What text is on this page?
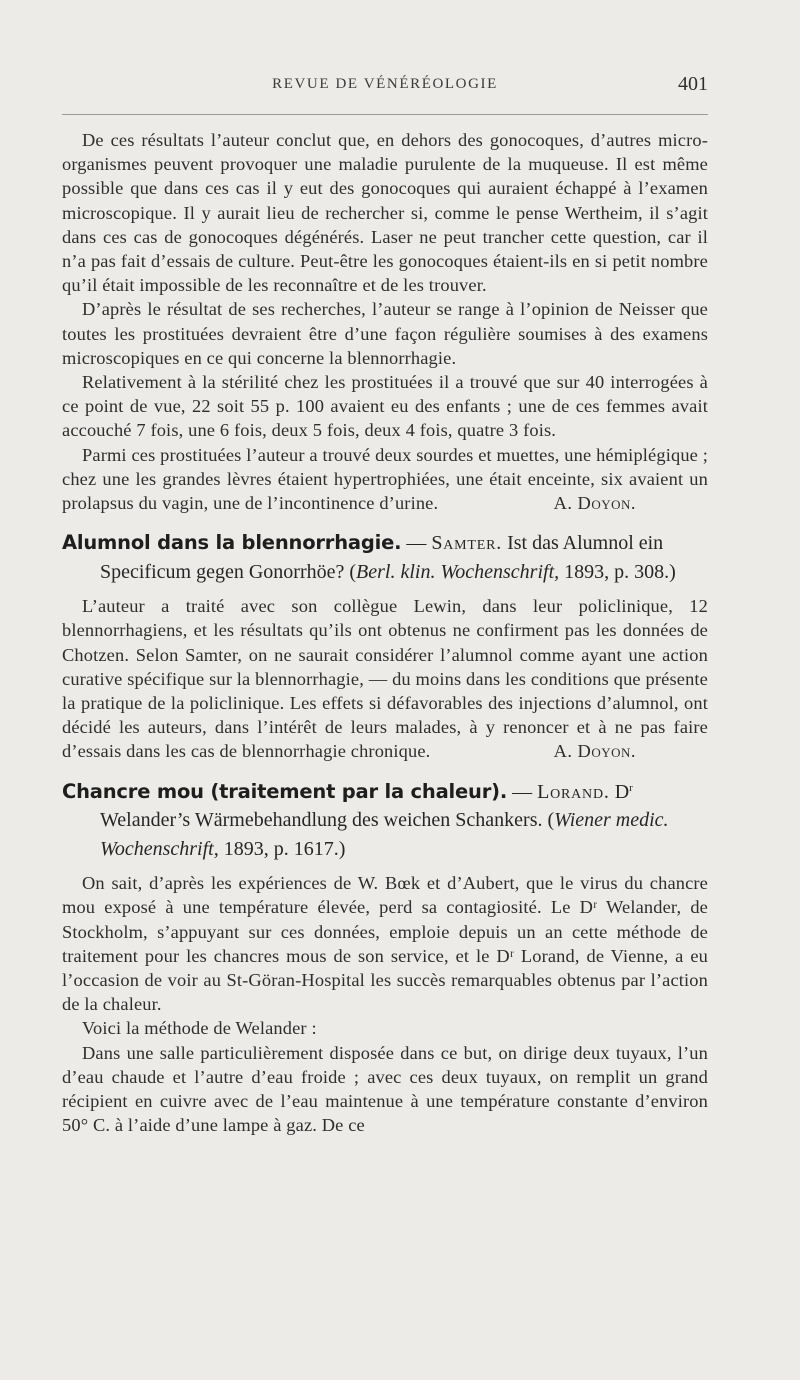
REVUE DE VÉNÉRÉOLOGIE	401

De ces résultats l’auteur conclut que, en dehors des gonocoques, d’autres micro-organismes peuvent provoquer une maladie purulente de la muqueuse. Il est même possible que dans ces cas il y eut des gonocoques qui auraient échappé à l’examen microscopique. Il y aurait lieu de rechercher si, comme le pense Wertheim, il s’agit dans ces cas de gonocoques dégénérés. Laser ne peut trancher cette question, car il n’a pas fait d’essais de culture. Peut-être les gonocoques étaient-ils en si petit nombre qu’il était impossible de les reconnaître et de les trouver.

D’après le résultat de ses recherches, l’auteur se range à l’opinion de Neisser que toutes les prostituées devraient être d’une façon régulière soumises à des examens microscopiques en ce qui concerne la blennorrhagie.

Relativement à la stérilité chez les prostituées il a trouvé que sur 40 interrogées à ce point de vue, 22 soit 55 p. 100 avaient eu des enfants ; une de ces femmes avait accouché 7 fois, une 6 fois, deux 5 fois, deux 4 fois, quatre 3 fois.

Parmi ces prostituées l’auteur a trouvé deux sourdes et muettes, une hémiplégique ; chez une les grandes lèvres étaient hypertrophiées, une était enceinte, six avaient un prolapsus du vagin, une de l’incontinence d’urine.	A. Doyon.

Alumnol dans la blennorrhagie. — Samter. Ist das Alumnol ein Specificum gegen Gonorrhöe? (Berl. klin. Wochenschrift, 1893, p. 308.)

L’auteur a traité avec son collègue Lewin, dans leur policlinique, 12 blennorrhagiens, et les résultats qu’ils ont obtenus ne confirment pas les données de Chotzen. Selon Samter, on ne saurait considérer l’alumnol comme ayant une action curative spécifique sur la blennorrhagie, — du moins dans les conditions que présente la pratique de la policlinique. Les effets si défavorables des injections d’alumnol, ont décidé les auteurs, dans l’intérêt de leurs malades, à y renoncer et à ne pas faire d’essais dans les cas de blennorrhagie chronique.	A. Doyon.

Chancre mou (traitement par la chaleur). — Lorand. $D^r$ Welander’s Wärmebehandlung des weichen Schankers. (Wiener medic. Wochenschrift, 1893, p. 1617.)

On sait, d’après les expériences de W. Bœk et d’Aubert, que le virus du chancre mou exposé à une température élevée, perd sa contagiosité. Le Dʳ Welander, de Stockholm, s’appuyant sur ces données, emploie depuis un an cette méthode de traitement pour les chancres mous de son service, et le Dʳ Lorand, de Vienne, a eu l’occasion de voir au St-Göran-Hospital les succès remarquables obtenus par l’action de la chaleur.

Voici la méthode de Welander :

Dans une salle particulièrement disposée dans ce but, on dirige deux tuyaux, l’un d’eau chaude et l’autre d’eau froide ; avec ces deux tuyaux, on remplit un grand récipient en cuivre avec de l’eau maintenue à une température constante d’environ 50° C. à l’aide d’une lampe à gaz. De ce
